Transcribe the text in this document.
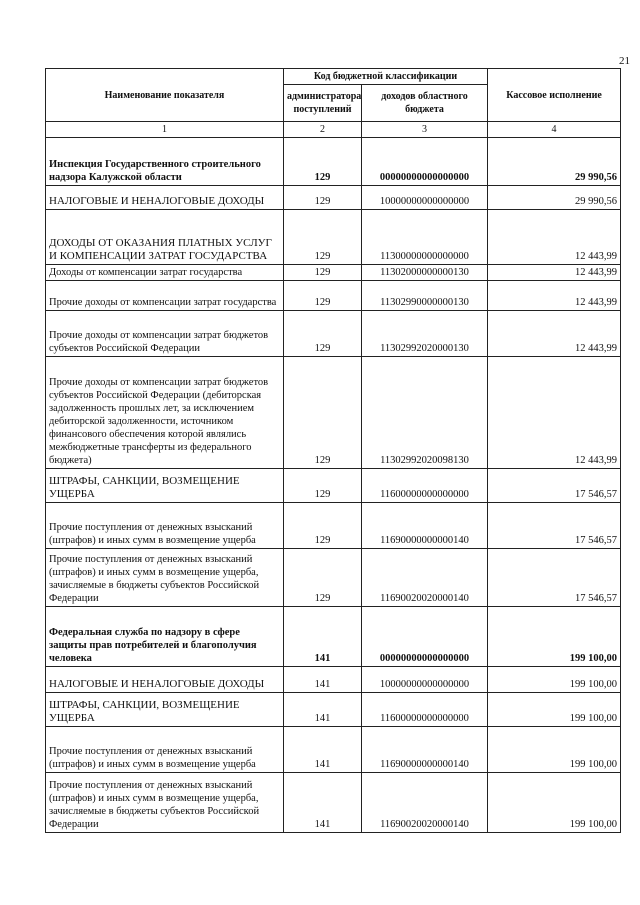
21
Наименование показателя	Код бюджетной классификации		Кассовое исполнение
	администратора поступлений	доходов областного бюджета	
1	2	3	4
Инспекция Государственного строительного надзора Калужской области	129	00000000000000000	29 990,56
НАЛОГОВЫЕ И НЕНАЛОГОВЫЕ ДОХОДЫ	129	10000000000000000	29 990,56
ДОХОДЫ ОТ ОКАЗАНИЯ ПЛАТНЫХ УСЛУГ И КОМПЕНСАЦИИ ЗАТРАТ ГОСУДАРСТВА	129	11300000000000000	12 443,99
Доходы от компенсации затрат государства	129	11302000000000130	12 443,99
Прочие доходы от компенсации затрат государства	129	11302990000000130	12 443,99
Прочие доходы от компенсации затрат бюджетов субъектов Российской Федерации	129	11302992020000130	12 443,99
Прочие доходы от компенсации затрат бюджетов субъектов Российской Федерации (дебиторская задолженность прошлых лет, за исключением дебиторской задолженности, источником финансового обеспечения которой являлись межбюджетные трансферты из федерального бюджета)	129	11302992020098130	12 443,99
ШТРАФЫ, САНКЦИИ, ВОЗМЕЩЕНИЕ УЩЕРБА	129	11600000000000000	17 546,57
Прочие поступления от денежных взысканий (штрафов) и иных сумм в возмещение ущерба	129	11690000000000140	17 546,57
Прочие поступления от денежных взысканий (штрафов) и иных сумм в возмещение ущерба, зачисляемые в бюджеты субъектов Российской Федерации	129	11690020020000140	17 546,57
Федеральная служба по надзору в сфере защиты прав потребителей и благополучия человека	141	00000000000000000	199 100,00
НАЛОГОВЫЕ И НЕНАЛОГОВЫЕ ДОХОДЫ	141	10000000000000000	199 100,00
ШТРАФЫ, САНКЦИИ, ВОЗМЕЩЕНИЕ УЩЕРБА	141	11600000000000000	199 100,00
Прочие поступления от денежных взысканий (штрафов) и иных сумм в возмещение ущерба	141	11690000000000140	199 100,00
Прочие поступления от денежных взысканий (штрафов) и иных сумм в возмещение ущерба, зачисляемые в бюджеты субъектов Российской Федерации	141	11690020020000140	199 100,00
